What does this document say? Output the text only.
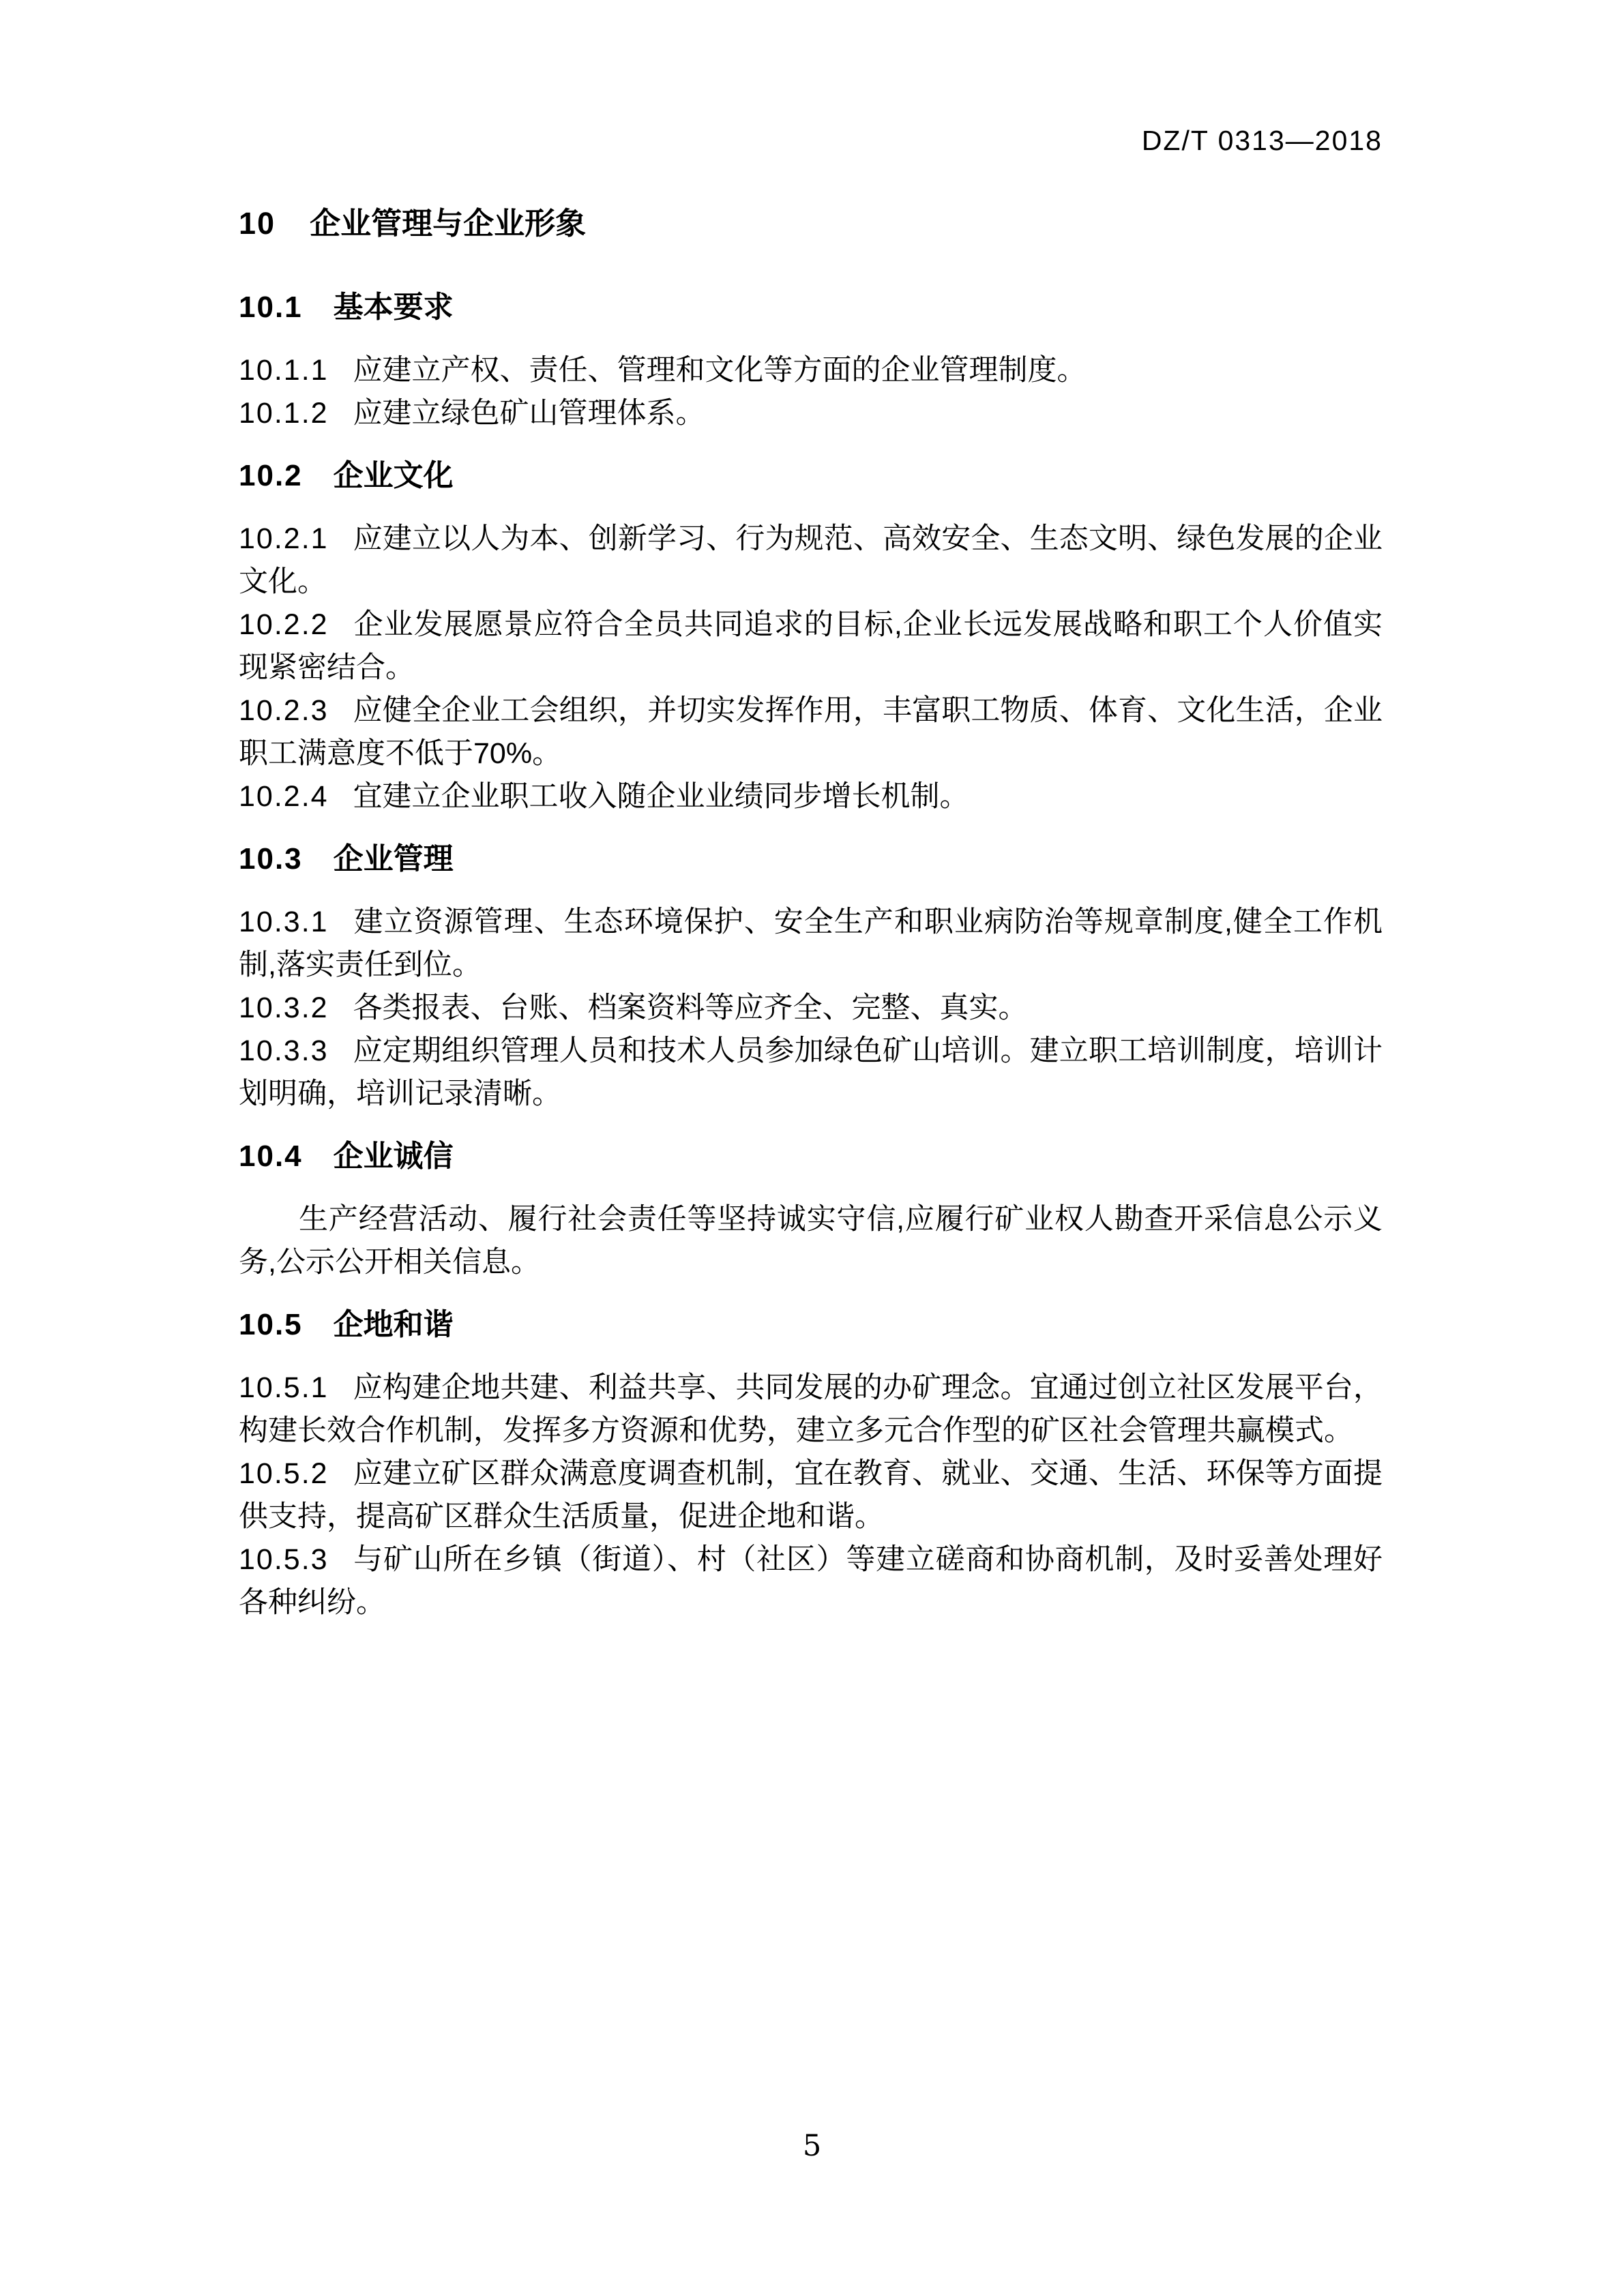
DZ/T 0313—2018
10 企业管理与企业形象
10.1 基本要求

10.1.1 应建立产权、责任、管理和文化等方面的企业管理制度。

10.1.2 应建立绿色矿山管理体系。

10.2 企业文化

10.2.1 应建立以人为本、创新学习、行为规范、高效安全、生态文明、绿色发展的企业文化。

10.2.2 企业发展愿景应符合全员共同追求的目标,企业长远发展战略和职工个人价值实现紧密结合。

10.2.3 应健全企业工会组织，并切实发挥作用，丰富职工物质、体育、文化生活，企业职工满意度不低于70%。

10.2.4 宜建立企业职工收入随企业业绩同步增长机制。

10.3 企业管理

10.3.1 建立资源管理、生态环境保护、安全生产和职业病防治等规章制度,健全工作机制,落实责任到位。

10.3.2 各类报表、台账、档案资料等应齐全、完整、真实。

10.3.3 应定期组织管理人员和技术人员参加绿色矿山培训。建立职工培训制度，培训计划明确，培训记录清晰。

10.4 企业诚信

生产经营活动、履行社会责任等坚持诚实守信,应履行矿业权人勘查开采信息公示义务,公示公开相关信息。

10.5 企地和谐

10.5.1 应构建企地共建、利益共享、共同发展的办矿理念。宜通过创立社区发展平台，构建长效合作机制，发挥多方资源和优势，建立多元合作型的矿区社会管理共赢模式。

10.5.2 应建立矿区群众满意度调查机制，宜在教育、就业、交通、生活、环保等方面提供支持，提高矿区群众生活质量，促进企地和谐。

10.5.3 与矿山所在乡镇（街道）、村（社区）等建立磋商和协商机制，及时妥善处理好各种纠纷。

5
